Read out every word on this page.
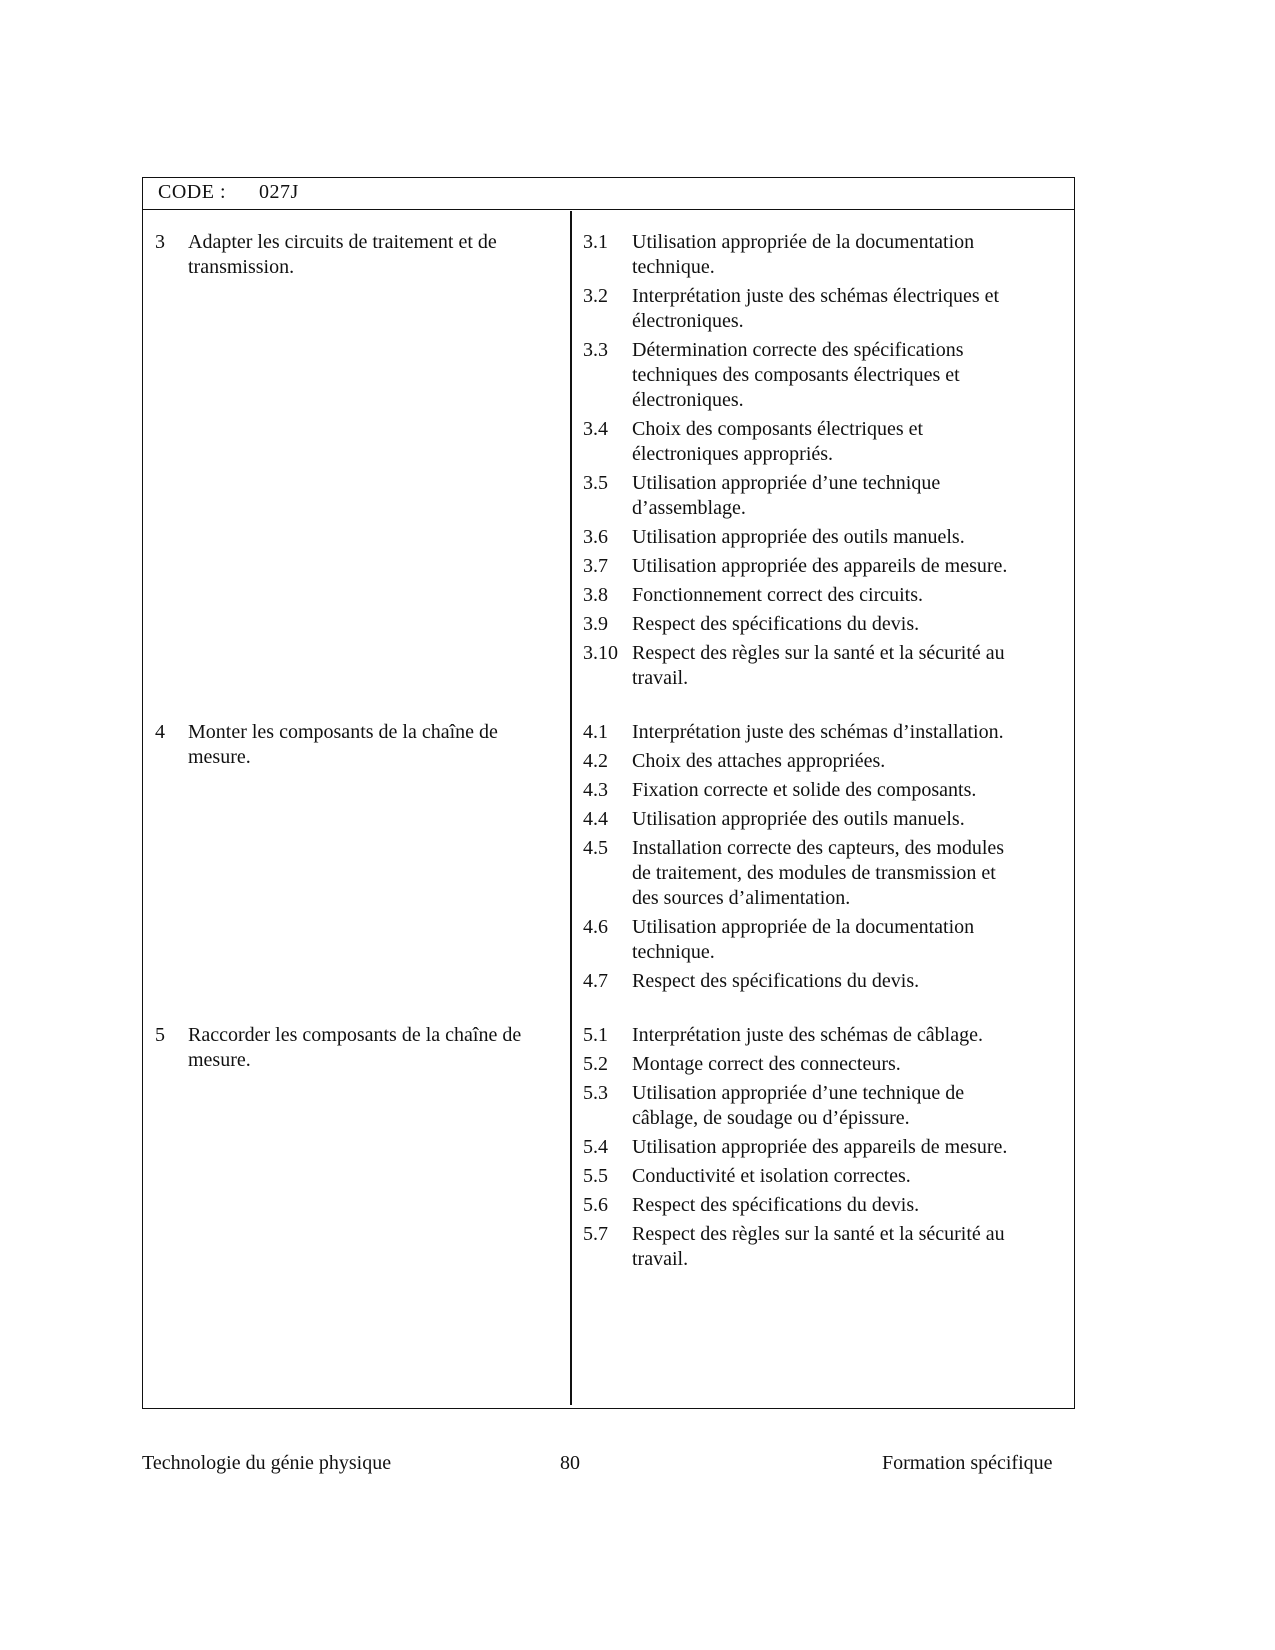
CODE : 027J
3 Adapter les circuits de traitement et de
transmission.
3.1	Utilisation appropriée de la documentation
technique.
3.2	Interprétation juste des schémas électriques et
électroniques.
3.3	Détermination correcte des spécifications
techniques des composants électriques et
électroniques.
3.4	Choix des composants électriques et
électroniques appropriés.
3.5	Utilisation appropriée d’une technique
d’assemblage.
3.6	Utilisation appropriée des outils manuels.
3.7	Utilisation appropriée des appareils de mesure.
3.8	Fonctionnement correct des circuits.
3.9	Respect des spécifications du devis.
3.10 Respect des règles sur la santé et la sécurité au
travail.
4 Monter les composants de la chaîne de
mesure.
4.1	Interprétation juste des schémas d’installation.
4.2	Choix des attaches appropriées.
4.3	Fixation correcte et solide des composants.
4.4	Utilisation appropriée des outils manuels.
4.5	Installation correcte des capteurs, des modules
de traitement, des modules de transmission et
des sources d’alimentation.
4.6	Utilisation appropriée de la documentation
technique.
4.7	Respect des spécifications du devis.
5 Raccorder les composants de la chaîne de
mesure.
5.1	Interprétation juste des schémas de câblage.
5.2	Montage correct des connecteurs.
5.3	Utilisation appropriée d’une technique de
câblage, de soudage ou d’épissure.
5.4	Utilisation appropriée des appareils de mesure.
5.5	Conductivité et isolation correctes.
5.6	Respect des spécifications du devis.
5.7	Respect des règles sur la santé et la sécurité au
travail.
Technologie du génie physique	80	Formation spécifique
